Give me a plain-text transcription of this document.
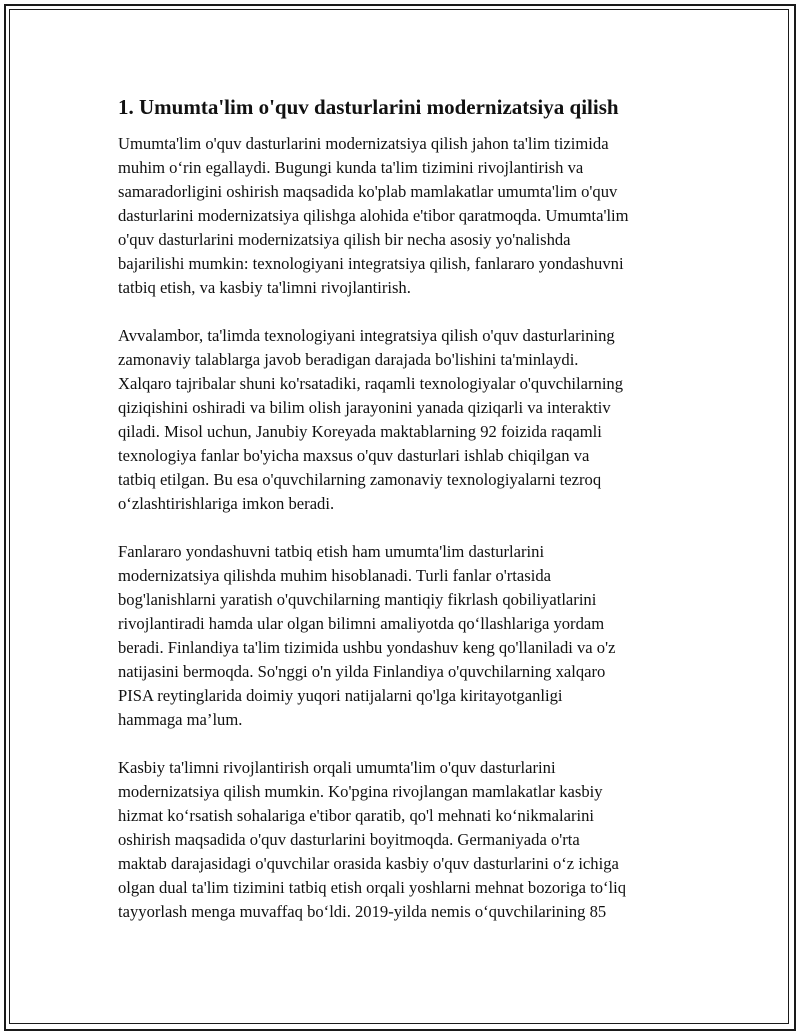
1. Umumta'lim o'quv dasturlarini modernizatsiya qilish

Umumta'lim o'quv dasturlarini modernizatsiya qilish jahon ta'lim tizimida
muhim o‘rin egallaydi. Bugungi kunda ta'lim tizimini rivojlantirish va
samaradorligini oshirish maqsadida ko'plab mamlakatlar umumta'lim o'quv
dasturlarini modernizatsiya qilishga alohida e'tibor qaratmoqda. Umumta'lim
o'quv dasturlarini modernizatsiya qilish bir necha asosiy yo'nalishda
bajarilishi mumkin: texnologiyani integratsiya qilish, fanlararo yondashuvni
tatbiq etish, va kasbiy ta'limni rivojlantirish.

Avvalambor, ta'limda texnologiyani integratsiya qilish o'quv dasturlarining
zamonaviy talablarga javob beradigan darajada bo'lishini ta'minlaydi.
Xalqaro tajribalar shuni ko'rsatadiki, raqamli texnologiyalar o'quvchilarning
qiziqishini oshiradi va bilim olish jarayonini yanada qiziqarli va interaktiv
qiladi. Misol uchun, Janubiy Koreyada maktablarning 92 foizida raqamli
texnologiya fanlar bo'yicha maxsus o'quv dasturlari ishlab chiqilgan va
tatbiq etilgan. Bu esa o'quvchilarning zamonaviy texnologiyalarni tezroq
o‘zlashtirishlariga imkon beradi.

Fanlararo yondashuvni tatbiq etish ham umumta'lim dasturlarini
modernizatsiya qilishda muhim hisoblanadi. Turli fanlar o'rtasida
bog'lanishlarni yaratish o'quvchilarning mantiqiy fikrlash qobiliyatlarini
rivojlantiradi hamda ular olgan bilimni amaliyotda qo‘llashlariga yordam
beradi. Finlandiya ta'lim tizimida ushbu yondashuv keng qo'llaniladi va o'z
natijasini bermoqda. So'nggi o'n yilda Finlandiya o'quvchilarning xalqaro
PISA reytinglarida doimiy yuqori natijalarni qo'lga kiritayotganligi
hammaga ma’lum.

Kasbiy ta'limni rivojlantirish orqali umumta'lim o'quv dasturlarini
modernizatsiya qilish mumkin. Ko'pgina rivojlangan mamlakatlar kasbiy
hizmat ko‘rsatish sohalariga e'tibor qaratib, qo'l mehnati ko‘nikmalarini
oshirish maqsadida o'quv dasturlarini boyitmoqda. Germaniyada o'rta
maktab darajasidagi o'quvchilar orasida kasbiy o'quv dasturlarini o‘z ichiga
olgan dual ta'lim tizimini tatbiq etish orqali yoshlarni mehnat bozoriga to‘liq
tayyorlash menga muvaffaq bo‘ldi. 2019-yilda nemis o‘quvchilarining 85
